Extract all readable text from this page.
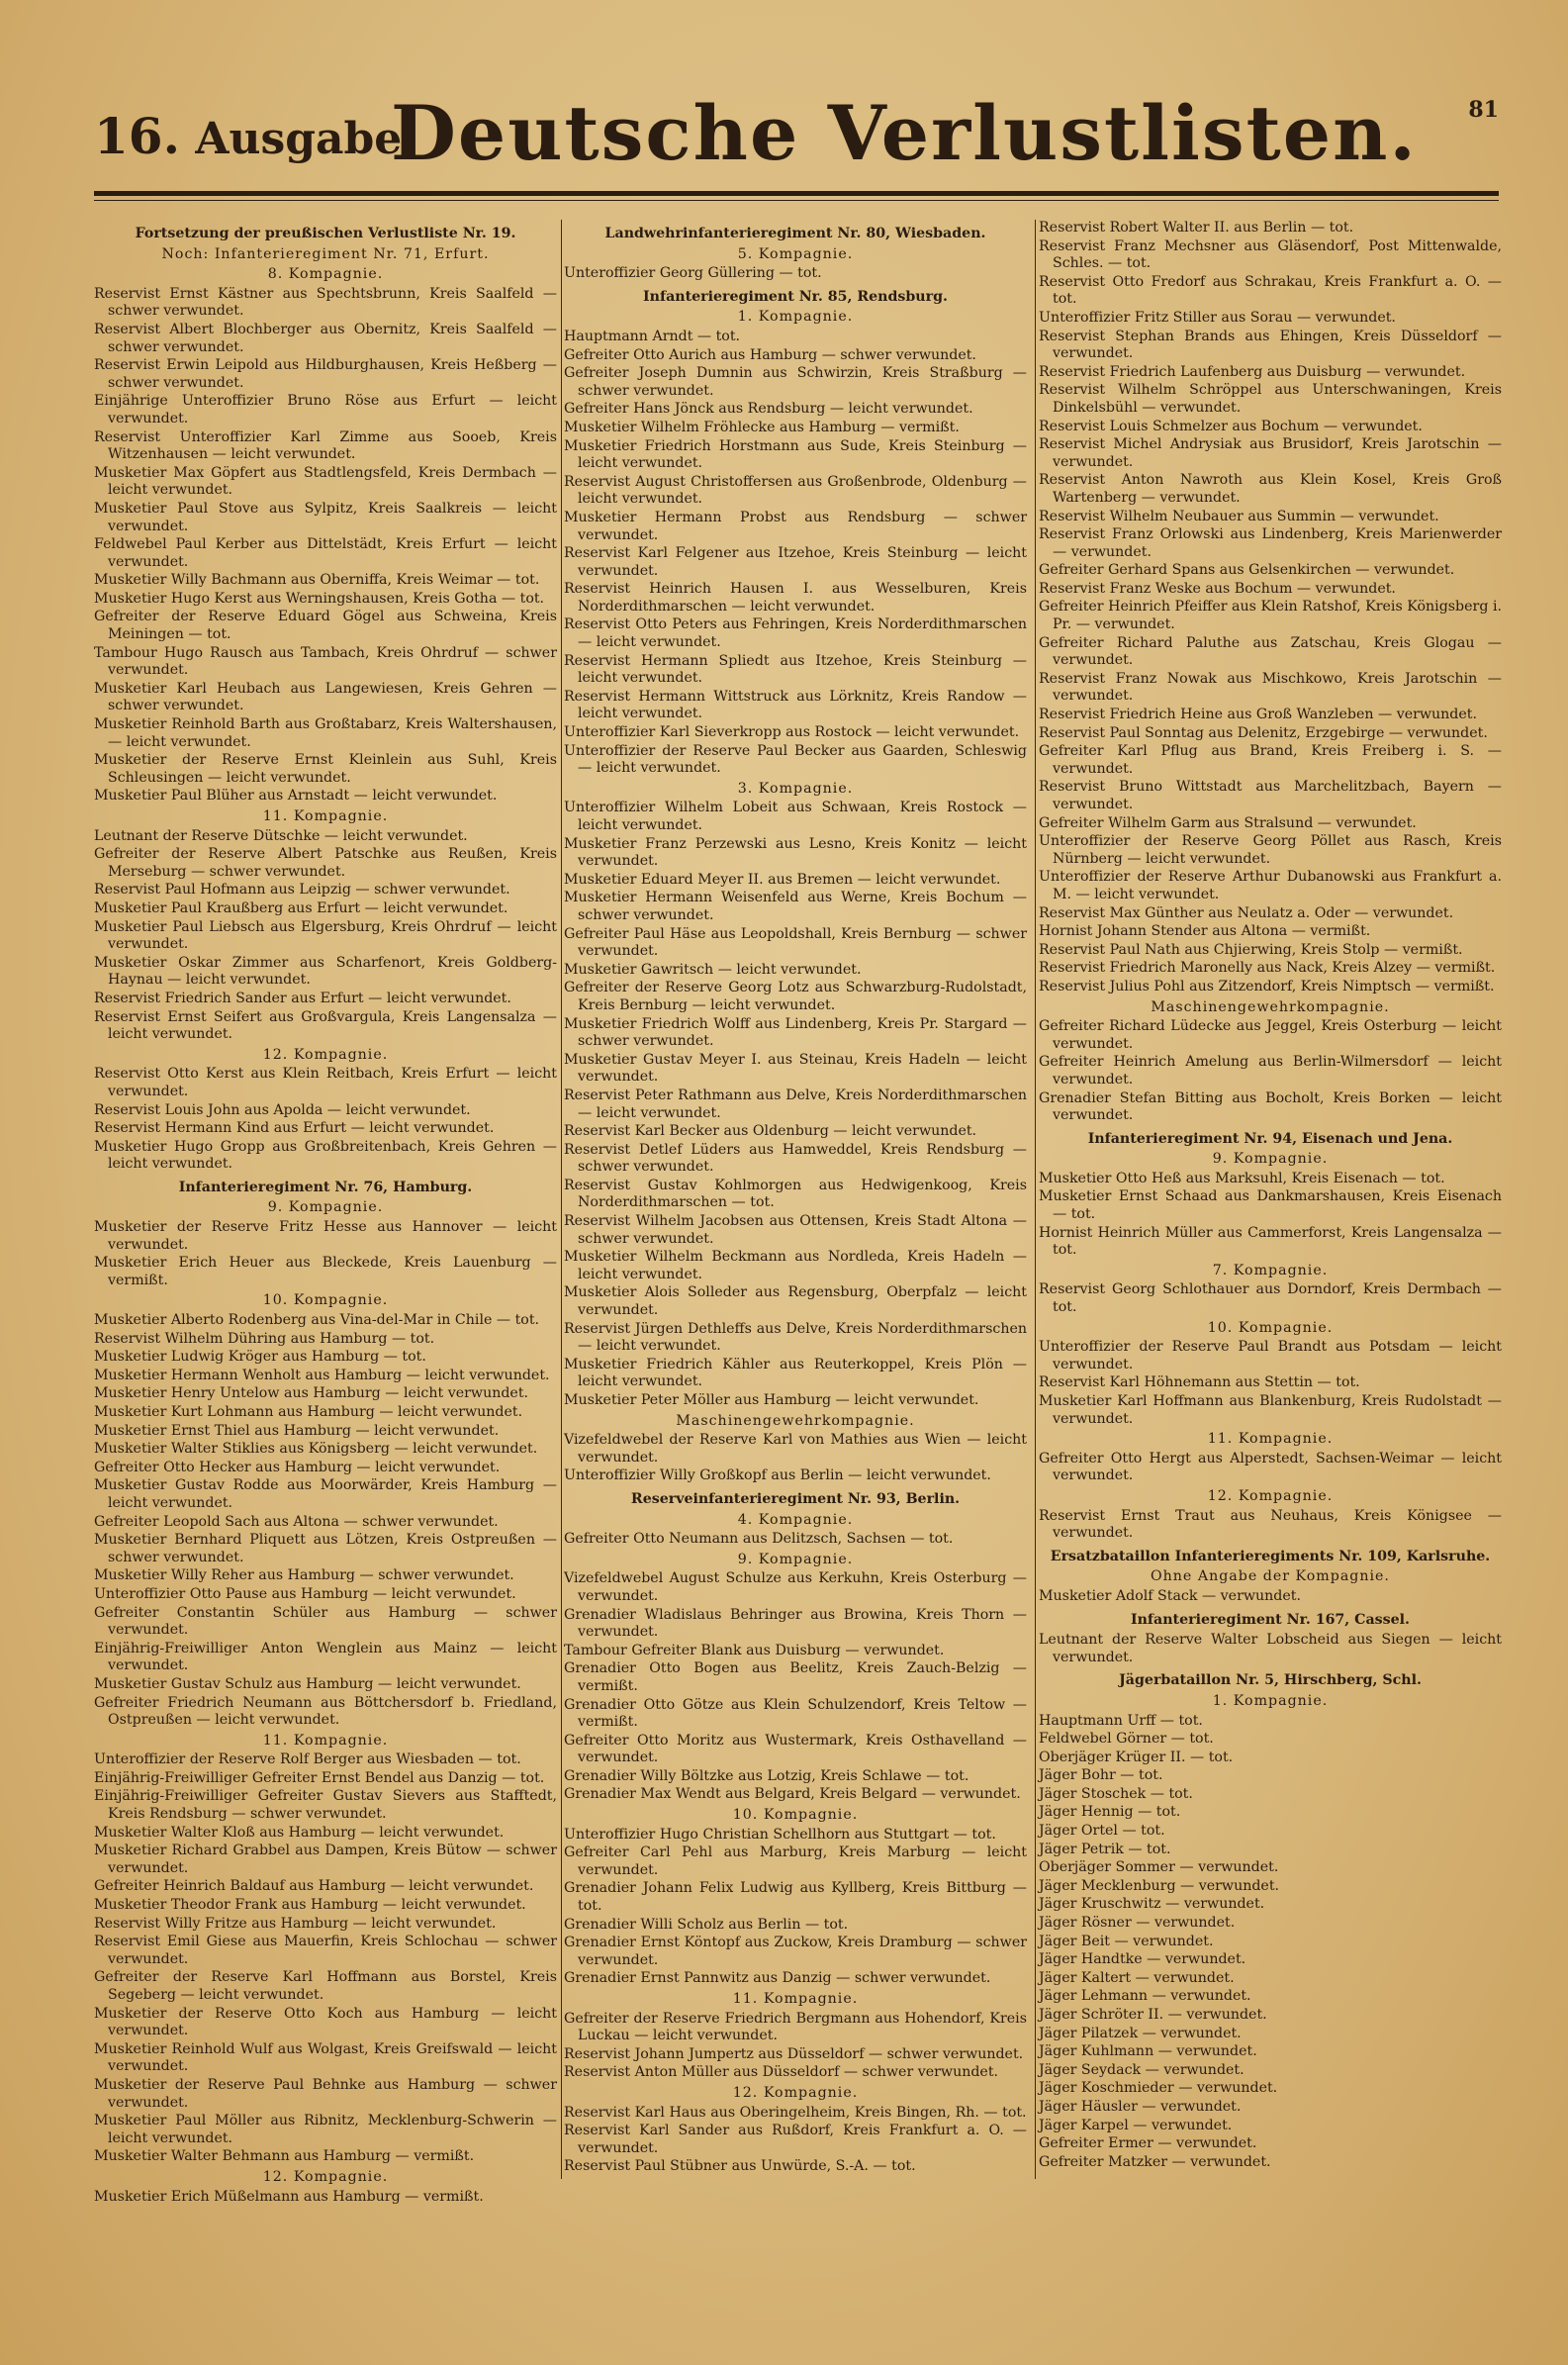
16. Ausgabe.
Deutsche Verlustlisten. 81
Fortsetzung der preußischen Verlustliste Nr. 19.
Noch: Infanterieregiment Nr. 71, Erfurt.
8. Kompagnie.
Reservist Ernst Kästner aus Spechtsbrunn, Kreis Saalfeld — schwer verwundet.
Reservist Albert Blochberger aus Obernitz, Kreis Saalfeld — schwer verwundet.
Reservist Erwin Leipold aus Hildburghausen, Kreis Heßberg — schwer verwundet.
Einjährige Unteroffizier Bruno Röse aus Erfurt — leicht verwundet.
Reservist Unteroffizier Karl Zimme aus Sooeb, Kreis Witzenhausen — leicht verwundet.
Musketier Max Göpfert aus Stadtlengsfeld, Kreis Dermbach — leicht verwundet.
Musketier Paul Stove aus Sylpitz, Kreis Saalkreis — leicht verwundet.
Feldwebel Paul Kerber aus Dittelstädt, Kreis Erfurt — leicht verwundet.
Musketier Willy Bachmann aus Oberniffa, Kreis Weimar — tot.
Musketier Hugo Kerst aus Werningshausen, Kreis Gotha — tot.
Gefreiter der Reserve Eduard Gögel aus Schweina, Kreis Meiningen — tot.
Tambour Hugo Rausch aus Tambach, Kreis Ohrdruf — schwer verwundet.
Musketier Karl Heubach aus Langewiesen, Kreis Gehren — schwer verwundet.
Musketier Reinhold Barth aus Großtabarz, Kreis Waltershausen, — leicht verwundet.
Musketier der Reserve Ernst Kleinlein aus Suhl, Kreis Schleusingen — leicht verwundet.
Musketier Paul Blüher aus Arnstadt — leicht verwundet.
11. Kompagnie.
Leutnant der Reserve Dütschke — leicht verwundet.
Gefreiter der Reserve Albert Patschke aus Reußen, Kreis Merseburg — schwer verwundet.
Reservist Paul Hofmann aus Leipzig — schwer verwundet.
Musketier Paul Kraußberg aus Erfurt — leicht verwundet.
Musketier Paul Liebsch aus Elgersburg, Kreis Ohrdruf — leicht verwundet.
Musketier Oskar Zimmer aus Scharfenort, Kreis Goldberg-Haynau — leicht verwundet.
Reservist Friedrich Sander aus Erfurt — leicht verwundet.
Reservist Ernst Seifert aus Großvargula, Kreis Langensalza — leicht verwundet.
12. Kompagnie.
Reservist Otto Kerst aus Klein Reitbach, Kreis Erfurt — leicht verwundet.
Reservist Louis John aus Apolda — leicht verwundet.
Reservist Hermann Kind aus Erfurt — leicht verwundet.
Musketier Hugo Gropp aus Großbreitenbach, Kreis Gehren — leicht verwundet.
Infanterieregiment Nr. 76, Hamburg.
9. Kompagnie.
Musketier der Reserve Fritz Hesse aus Hannover — leicht verwundet.
Musketier Erich Heuer aus Bleckede, Kreis Lauenburg — vermißt.
10. Kompagnie.
Musketier Alberto Rodenberg aus Vina-del-Mar in Chile — tot.
Reservist Wilhelm Dühring aus Hamburg — tot.
Musketier Ludwig Kröger aus Hamburg — tot.
Musketier Hermann Wenholt aus Hamburg — leicht verwundet.
Musketier Henry Untelow aus Hamburg — leicht verwundet.
Musketier Kurt Lohmann aus Hamburg — leicht verwundet.
Musketier Ernst Thiel aus Hamburg — leicht verwundet.
Musketier Walter Stiklies aus Königsberg — leicht verwundet.
Gefreiter Otto Hecker aus Hamburg — leicht verwundet.
Musketier Gustav Rodde aus Moorwärder, Kreis Hamburg — leicht verwundet.
Gefreiter Leopold Sach aus Altona — schwer verwundet.
Musketier Bernhard Pliquett aus Lötzen, Kreis Ostpreußen — schwer verwundet.
Musketier Willy Reher aus Hamburg — schwer verwundet.
Unteroffizier Otto Pause aus Hamburg — leicht verwundet.
Gefreiter Constantin Schüler aus Hamburg — schwer verwundet.
Einjährig-Freiwilliger Anton Wenglein aus Mainz — leicht verwundet.
Musketier Gustav Schulz aus Hamburg — leicht verwundet.
Gefreiter Friedrich Neumann aus Böttchersdorf b. Friedland, Ostpreußen — leicht verwundet.
11. Kompagnie.
Unteroffizier der Reserve Rolf Berger aus Wiesbaden — tot.
Einjährig-Freiwilliger Gefreiter Ernst Bendel aus Danzig — tot.
Einjährig-Freiwilliger Gefreiter Gustav Sievers aus Stafftedt, Kreis Rendsburg — schwer verwundet.
Musketier Walter Kloß aus Hamburg — leicht verwundet.
Musketier Richard Grabbel aus Dampen, Kreis Bütow — schwer verwundet.
Gefreiter Heinrich Baldauf aus Hamburg — leicht verwundet.
Musketier Theodor Frank aus Hamburg — leicht verwundet.
Reservist Willy Fritze aus Hamburg — leicht verwundet.
Reservist Emil Giese aus Mauerfin, Kreis Schlochau — schwer verwundet.
Gefreiter der Reserve Karl Hoffmann aus Borstel, Kreis Segeberg — leicht verwundet.
Musketier der Reserve Otto Koch aus Hamburg — leicht verwundet.
Musketier Reinhold Wulf aus Wolgast, Kreis Greifswald — leicht verwundet.
Musketier der Reserve Paul Behnke aus Hamburg — schwer verwundet.
Musketier Paul Möller aus Ribnitz, Mecklenburg-Schwerin — leicht verwundet.
Musketier Walter Behmann aus Hamburg — vermißt.
12. Kompagnie.
Musketier Erich Müßelmann aus Hamburg — vermißt.
Landwehrinfanterieregiment Nr. 80, Wiesbaden.
5. Kompagnie.
Unteroffizier Georg Güllering — tot.
Infanterieregiment Nr. 85, Rendsburg.
1. Kompagnie.
Hauptmann Arndt — tot.
Gefreiter Otto Aurich aus Hamburg — schwer verwundet.
Gefreiter Joseph Dumnin aus Schwirzin, Kreis Straßburg — schwer verwundet.
Gefreiter Hans Jönck aus Rendsburg — leicht verwundet.
Musketier Wilhelm Fröhlecke aus Hamburg — vermißt.
Musketier Friedrich Horstmann aus Sude, Kreis Steinburg — leicht verwundet.
Reservist August Christoffersen aus Großenbrode, Oldenburg — leicht verwundet.
Musketier Hermann Probst aus Rendsburg — schwer verwundet.
Reservist Karl Felgener aus Itzehoe, Kreis Steinburg — leicht verwundet.
Reservist Heinrich Hausen I. aus Wesselburen, Kreis Norderdithmarschen — leicht verwundet.
Reservist Otto Peters aus Fehringen, Kreis Norderdithmarschen — leicht verwundet.
Reservist Hermann Spliedt aus Itzehoe, Kreis Steinburg — leicht verwundet.
Reservist Hermann Wittstruck aus Lörknitz, Kreis Randow — leicht verwundet.
Unteroffizier Karl Sieverkropp aus Rostock — leicht verwundet.
Unteroffizier der Reserve Paul Becker aus Gaarden, Schleswig — leicht verwundet.
3. Kompagnie.
Unteroffizier Wilhelm Lobeit aus Schwaan, Kreis Rostock — leicht verwundet.
Musketier Franz Perzewski aus Lesno, Kreis Konitz — leicht verwundet.
Musketier Eduard Meyer II. aus Bremen — leicht verwundet.
Musketier Hermann Weisenfeld aus Werne, Kreis Bochum — schwer verwundet.
Gefreiter Paul Häse aus Leopoldshall, Kreis Bernburg — schwer verwundet.
Musketier Gawritsch — leicht verwundet.
Gefreiter der Reserve Georg Lotz aus Schwarzburg-Rudolstadt, Kreis Bernburg — leicht verwundet.
Musketier Friedrich Wolff aus Lindenberg, Kreis Pr. Stargard — schwer verwundet.
Musketier Gustav Meyer I. aus Steinau, Kreis Hadeln — leicht verwundet.
Reservist Peter Rathmann aus Delve, Kreis Norderdithmarschen — leicht verwundet.
Reservist Karl Becker aus Oldenburg — leicht verwundet.
Reservist Detlef Lüders aus Hamweddel, Kreis Rendsburg — schwer verwundet.
Reservist Gustav Kohlmorgen aus Hedwigenkoog, Kreis Norderdithmarschen — tot.
Reservist Wilhelm Jacobsen aus Ottensen, Kreis Stadt Altona — schwer verwundet.
Musketier Wilhelm Beckmann aus Nordleda, Kreis Hadeln — leicht verwundet.
Musketier Alois Solleder aus Regensburg, Oberpfalz — leicht verwundet.
Reservist Jürgen Dethleffs aus Delve, Kreis Norderdithmarschen — leicht verwundet.
Musketier Friedrich Kähler aus Reuterkoppel, Kreis Plön — leicht verwundet.
Musketier Peter Möller aus Hamburg — leicht verwundet.
Maschinengewehrkompagnie.
Vizefeldwebel der Reserve Karl von Mathies aus Wien — leicht verwundet.
Unteroffizier Willy Großkopf aus Berlin — leicht verwundet.
Reserveinfanterieregiment Nr. 93, Berlin.
4. Kompagnie.
Gefreiter Otto Neumann aus Delitzsch, Sachsen — tot.
9. Kompagnie.
Vizefeldwebel August Schulze aus Kerkuhn, Kreis Osterburg — verwundet.
Grenadier Wladislaus Behringer aus Browina, Kreis Thorn — verwundet.
Tambour Gefreiter Blank aus Duisburg — verwundet.
Grenadier Otto Bogen aus Beelitz, Kreis Zauch-Belzig — vermißt.
Grenadier Otto Götze aus Klein Schulzendorf, Kreis Teltow — vermißt.
Gefreiter Otto Moritz aus Wustermark, Kreis Osthavelland — verwundet.
Grenadier Willy Böltzke aus Lotzig, Kreis Schlawe — tot.
Grenadier Max Wendt aus Belgard, Kreis Belgard — verwundet.
10. Kompagnie.
Unteroffizier Hugo Christian Schellhorn aus Stuttgart — tot.
Gefreiter Carl Pehl aus Marburg, Kreis Marburg — leicht verwundet.
Grenadier Johann Felix Ludwig aus Kyllberg, Kreis Bittburg — tot.
Grenadier Willi Scholz aus Berlin — tot.
Grenadier Ernst Köntopf aus Zuckow, Kreis Dramburg — schwer verwundet.
Grenadier Ernst Pannwitz aus Danzig — schwer verwundet.
11. Kompagnie.
Gefreiter der Reserve Friedrich Bergmann aus Hohendorf, Kreis Luckau — leicht verwundet.
Reservist Johann Jumpertz aus Düsseldorf — schwer verwundet.
Reservist Anton Müller aus Düsseldorf — schwer verwundet.
12. Kompagnie.
Reservist Karl Haus aus Oberingelheim, Kreis Bingen, Rh. — tot.
Reservist Karl Sander aus Rußdorf, Kreis Frankfurt a. O. — verwundet.
Reservist Paul Stübner aus Unwürde, S.-A. — tot.
Reservist Robert Walter II. aus Berlin — tot.
Reservist Franz Mechsner aus Gläsendorf, Post Mittenwalde, Schles. — tot.
Reservist Otto Fredorf aus Schrakau, Kreis Frankfurt a. O. — tot.
Unteroffizier Fritz Stiller aus Sorau — verwundet.
Reservist Stephan Brands aus Ehingen, Kreis Düsseldorf — verwundet.
Reservist Friedrich Laufenberg aus Duisburg — verwundet.
Reservist Wilhelm Schröppel aus Unterschwaningen, Kreis Dinkelsbühl — verwundet.
Reservist Louis Schmelzer aus Bochum — verwundet.
Reservist Michel Andrysiak aus Brusidorf, Kreis Jarotschin — verwundet.
Reservist Anton Nawroth aus Klein Kosel, Kreis Groß Wartenberg — verwundet.
Reservist Wilhelm Neubauer aus Summin — verwundet.
Reservist Franz Orlowski aus Lindenberg, Kreis Marienwerder — verwundet.
Gefreiter Gerhard Spans aus Gelsenkirchen — verwundet.
Reservist Franz Weske aus Bochum — verwundet.
Gefreiter Heinrich Pfeiffer aus Klein Ratshof, Kreis Königsberg i. Pr. — verwundet.
Gefreiter Richard Paluthe aus Zatschau, Kreis Glogau — verwundet.
Reservist Franz Nowak aus Mischkowo, Kreis Jarotschin — verwundet.
Reservist Friedrich Heine aus Groß Wanzleben — verwundet.
Reservist Paul Sonntag aus Delenitz, Erzgebirge — verwundet.
Gefreiter Karl Pflug aus Brand, Kreis Freiberg i. S. — verwundet.
Reservist Bruno Wittstadt aus Marchelitzbach, Bayern — verwundet.
Gefreiter Wilhelm Garm aus Stralsund — verwundet.
Unteroffizier der Reserve Georg Pöllet aus Rasch, Kreis Nürnberg — leicht verwundet.
Unteroffizier der Reserve Arthur Dubanowski aus Frankfurt a. M. — leicht verwundet.
Reservist Max Günther aus Neulatz a. Oder — verwundet.
Hornist Johann Stender aus Altona — vermißt.
Reservist Paul Nath aus Chjierwing, Kreis Stolp — vermißt.
Reservist Friedrich Maronelly aus Nack, Kreis Alzey — vermißt.
Reservist Julius Pohl aus Zitzendorf, Kreis Nimptsch — vermißt.
Maschinengewehrkompagnie.
Gefreiter Richard Lüdecke aus Jeggel, Kreis Osterburg — leicht verwundet.
Gefreiter Heinrich Amelung aus Berlin-Wilmersdorf — leicht verwundet.
Grenadier Stefan Bitting aus Bocholt, Kreis Borken — leicht verwundet.
Infanterieregiment Nr. 94, Eisenach und Jena.
9. Kompagnie.
Musketier Otto Heß aus Marksuhl, Kreis Eisenach — tot.
Musketier Ernst Schaad aus Dankmarshausen, Kreis Eisenach — tot.
Hornist Heinrich Müller aus Cammerforst, Kreis Langensalza — tot.
7. Kompagnie.
Reservist Georg Schlothauer aus Dorndorf, Kreis Dermbach — tot.
10. Kompagnie.
Unteroffizier der Reserve Paul Brandt aus Potsdam — leicht verwundet.
Reservist Karl Höhnemann aus Stettin — tot.
Musketier Karl Hoffmann aus Blankenburg, Kreis Rudolstadt — verwundet.
11. Kompagnie.
Gefreiter Otto Hergt aus Alperstedt, Sachsen-Weimar — leicht verwundet.
12. Kompagnie.
Reservist Ernst Traut aus Neuhaus, Kreis Königsee — verwundet.
Ersatzbataillon Infanterieregiments Nr. 109, Karlsruhe.
Ohne Angabe der Kompagnie.
Musketier Adolf Stack — verwundet.
Infanterieregiment Nr. 167, Cassel.
Leutnant der Reserve Walter Lobscheid aus Siegen — leicht verwundet.
Jägerbataillon Nr. 5, Hirschberg, Schl.
1. Kompagnie.
Hauptmann Urff — tot.
Feldwebel Görner — tot.
Oberjäger Krüger II. — tot.
Jäger Bohr — tot.
Jäger Stoschek — tot.
Jäger Hennig — tot.
Jäger Ortel — tot.
Jäger Petrik — tot.
Oberjäger Sommer — verwundet.
Jäger Mecklenburg — verwundet.
Jäger Kruschwitz — verwundet.
Jäger Rösner — verwundet.
Jäger Beit — verwundet.
Jäger Handtke — verwundet.
Jäger Kaltert — verwundet.
Jäger Lehmann — verwundet.
Jäger Schröter II. — verwundet.
Jäger Pilatzek — verwundet.
Jäger Kuhlmann — verwundet.
Jäger Seydack — verwundet.
Jäger Koschmieder — verwundet.
Jäger Häusler — verwundet.
Jäger Karpel — verwundet.
Gefreiter Ermer — verwundet.
Gefreiter Matzker — verwundet.
